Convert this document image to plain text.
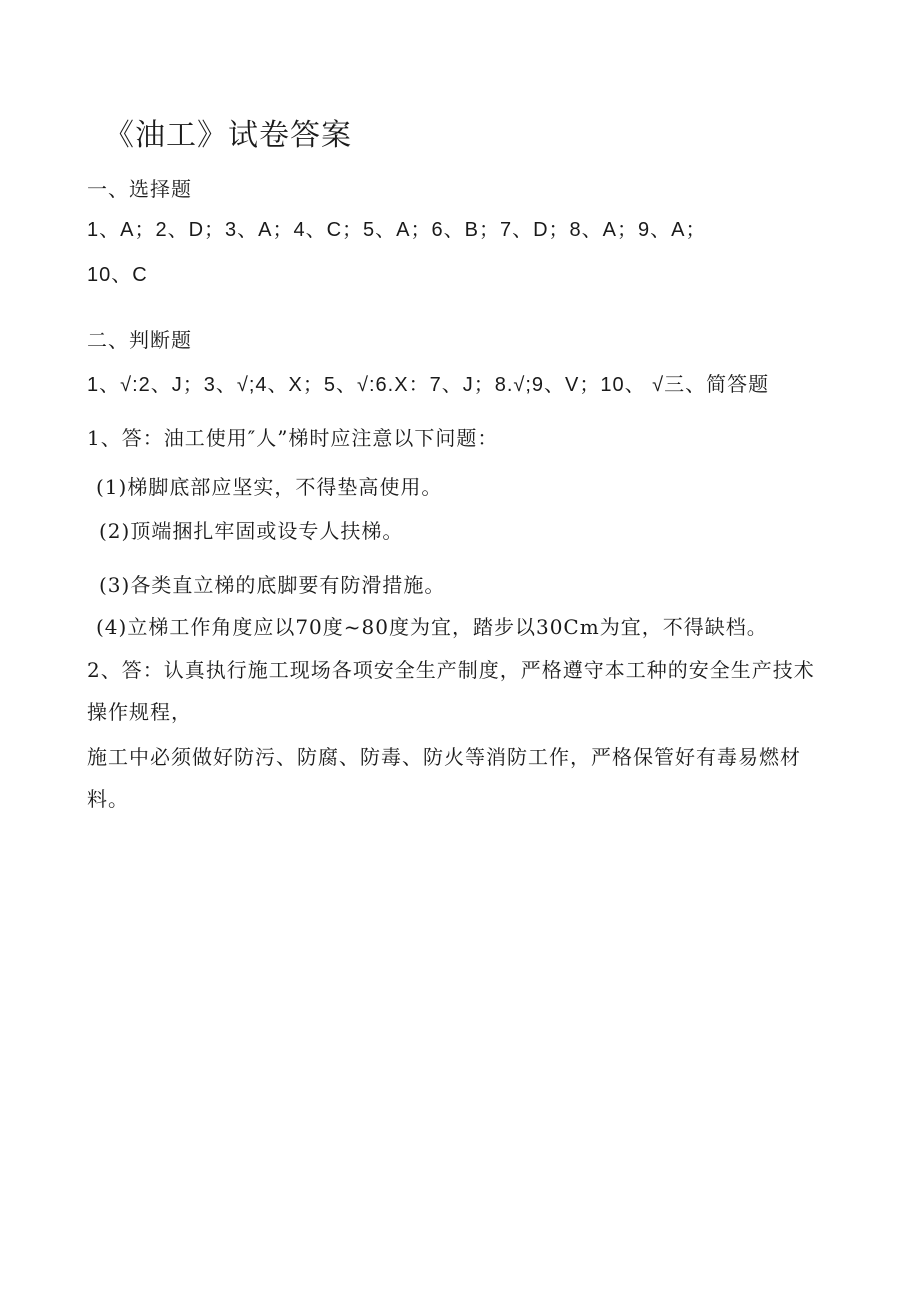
《油工》试卷答案
一、选择题
1、A；2、D；3、A；4、C；5、A；6、B；7、D；8、A；9、A；
10、C
二、判断题
1、√:2、J；3、√;4、X；5、√:6.X：7、J；8.√;9、V；10、 √三、简答题
1、答：油工使用″人”梯时应注意以下问题：
(1)梯脚底部应坚实，不得垫高使用。
(2)顶端捆扎牢固或设专人扶梯。
(3)各类直立梯的底脚要有防滑措施。
(4)立梯工作角度应以70度~80度为宜，踏步以30Cm为宜，不得缺档。
2、答：认真执行施工现场各项安全生产制度，严格遵守本工种的安全生产技术
操作规程，
施工中必须做好防污、防腐、防毒、防火等消防工作，严格保管好有毒易燃材
料。
